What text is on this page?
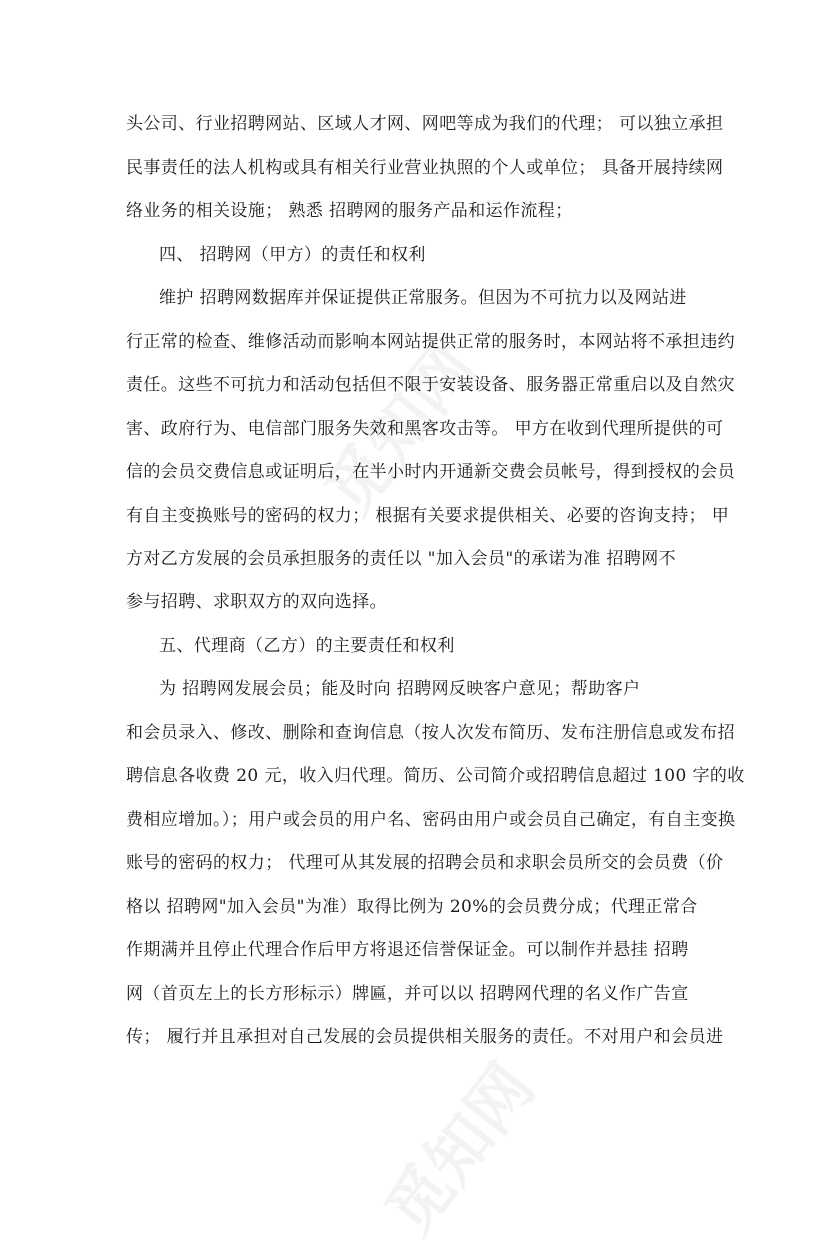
觅知网
觅知网
头公司、行业招聘网站、区域人才网、网吧等成为我们的代理； 可以独立承担
民事责任的法人机构或具有相关行业营业执照的个人或单位； 具备开展持续网
络业务的相关设施； 熟悉 招聘网的服务产品和运作流程；
四、 招聘网（甲方）的责任和权利
维护 招聘网数据库并保证提供正常服务。但因为不可抗力以及网站进
行正常的检查、维修活动而影响本网站提供正常的服务时，本网站将不承担违约
责任。这些不可抗力和活动包括但不限于安装设备、服务器正常重启以及自然灾
害、政府行为、电信部门服务失效和黑客攻击等。 甲方在收到代理所提供的可
信的会员交费信息或证明后，在半小时内开通新交费会员帐号，得到授权的会员
有自主变换账号的密码的权力； 根据有关要求提供相关、必要的咨询支持； 甲
方对乙方发展的会员承担服务的责任以 "加入会员"的承诺为准 招聘网不
参与招聘、求职双方的双向选择。
五、代理商（乙方）的主要责任和权利
为 招聘网发展会员；能及时向 招聘网反映客户意见；帮助客户
和会员录入、修改、删除和查询信息（按人次发布简历、发布注册信息或发布招
聘信息各收费 20 元，收入归代理。简历、公司简介或招聘信息超过 100 字的收
费相应增加。）；用户或会员的用户名、密码由用户或会员自己确定，有自主变换
账号的密码的权力； 代理可从其发展的招聘会员和求职会员所交的会员费（价
格以 招聘网"加入会员"为准）取得比例为 20%的会员费分成；代理正常合
作期满并且停止代理合作后甲方将退还信誉保证金。可以制作并悬挂 招聘
网（首页左上的长方形标示）牌匾，并可以以 招聘网代理的名义作广告宣
传； 履行并且承担对自己发展的会员提供相关服务的责任。不对用户和会员进
